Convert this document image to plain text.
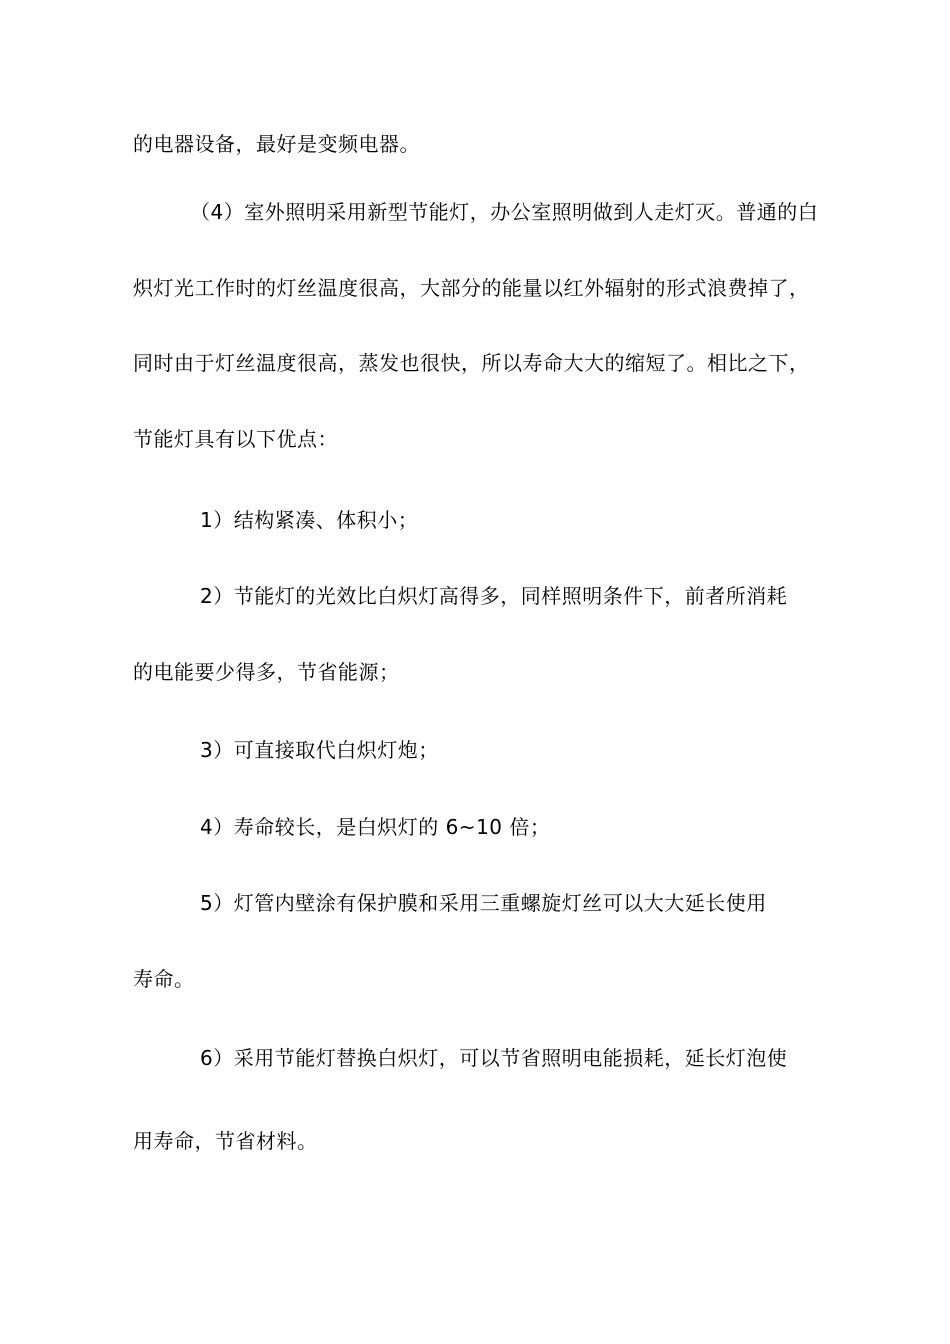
的电器设备，最好是变频电器。
（4）室外照明采用新型节能灯，办公室照明做到人走灯灭。普通的白
炽灯光工作时的灯丝温度很高，大部分的能量以红外辐射的形式浪费掉了，
同时由于灯丝温度很高，蒸发也很快，所以寿命大大的缩短了。相比之下，
节能灯具有以下优点：
1）结构紧凑、体积小；
2）节能灯的光效比白炽灯高得多，同样照明条件下，前者所消耗
的电能要少得多，节省能源；
3）可直接取代白炽灯炮；
4）寿命较长，是白炽灯的 6~10 倍；
5）灯管内壁涂有保护膜和采用三重螺旋灯丝可以大大延长使用
寿命。
6）采用节能灯替换白炽灯，可以节省照明电能损耗，延长灯泡使
用寿命，节省材料。
